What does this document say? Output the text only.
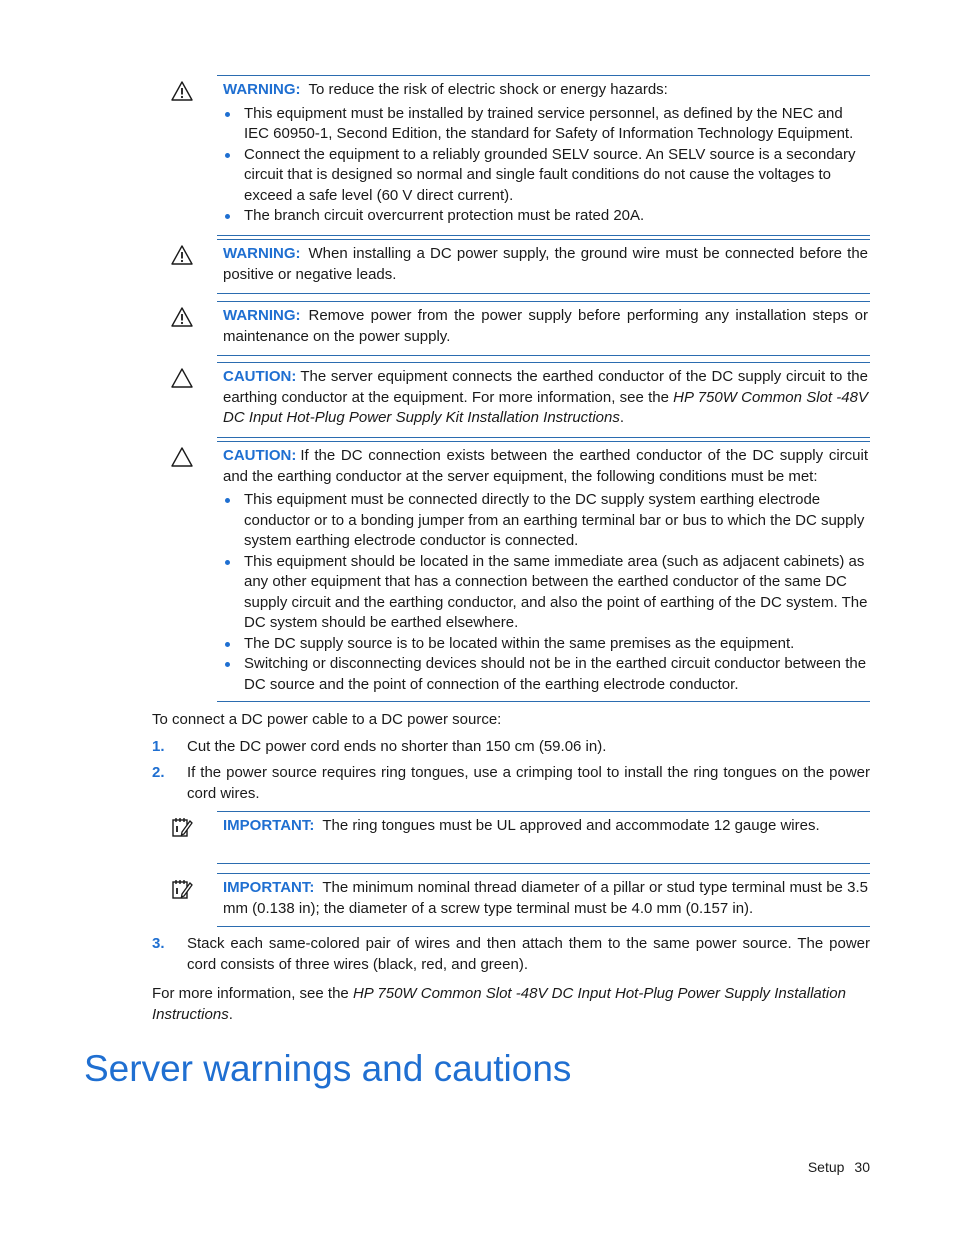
WARNING: To reduce the risk of electric shock or energy hazards:

This equipment must be installed by trained service personnel, as defined by the NEC and IEC 60950-1, Second Edition, the standard for Safety of Information Technology Equipment.
Connect the equipment to a reliably grounded SELV source. An SELV source is a secondary circuit that is designed so normal and single fault conditions do not cause the voltages to exceed a safe level (60 V direct current).
The branch circuit overcurrent protection must be rated 20A.

WARNING: When installing a DC power supply, the ground wire must be connected before the positive or negative leads.

WARNING: Remove power from the power supply before performing any installation steps or maintenance on the power supply.

CAUTION: The server equipment connects the earthed conductor of the DC supply circuit to the earthing conductor at the equipment. For more information, see the HP 750W Common Slot -48V DC Input Hot-Plug Power Supply Kit Installation Instructions.

CAUTION: If the DC connection exists between the earthed conductor of the DC supply circuit and the earthing conductor at the server equipment, the following conditions must be met:

This equipment must be connected directly to the DC supply system earthing electrode conductor or to a bonding jumper from an earthing terminal bar or bus to which the DC supply system earthing electrode conductor is connected.
This equipment should be located in the same immediate area (such as adjacent cabinets) as any other equipment that has a connection between the earthed conductor of the same DC supply circuit and the earthing conductor, and also the point of earthing of the DC system. The DC system should be earthed elsewhere.
The DC supply source is to be located within the same premises as the equipment.
Switching or disconnecting devices should not be in the earthed circuit conductor between the DC source and the point of connection of the earthing electrode conductor.

To connect a DC power cable to a DC power source:

1. Cut the DC power cord ends no shorter than 150 cm (59.06 in).
2. If the power source requires ring tongues, use a crimping tool to install the ring tongues on the power cord wires.

IMPORTANT: The ring tongues must be UL approved and accommodate 12 gauge wires.

IMPORTANT: The minimum nominal thread diameter of a pillar or stud type terminal must be 3.5 mm (0.138 in); the diameter of a screw type terminal must be 4.0 mm (0.157 in).

3. Stack each same-colored pair of wires and then attach them to the same power source. The power cord consists of three wires (black, red, and green).

For more information, see the HP 750W Common Slot -48V DC Input Hot-Plug Power Supply Installation Instructions.

Server warnings and cautions
Setup 30
